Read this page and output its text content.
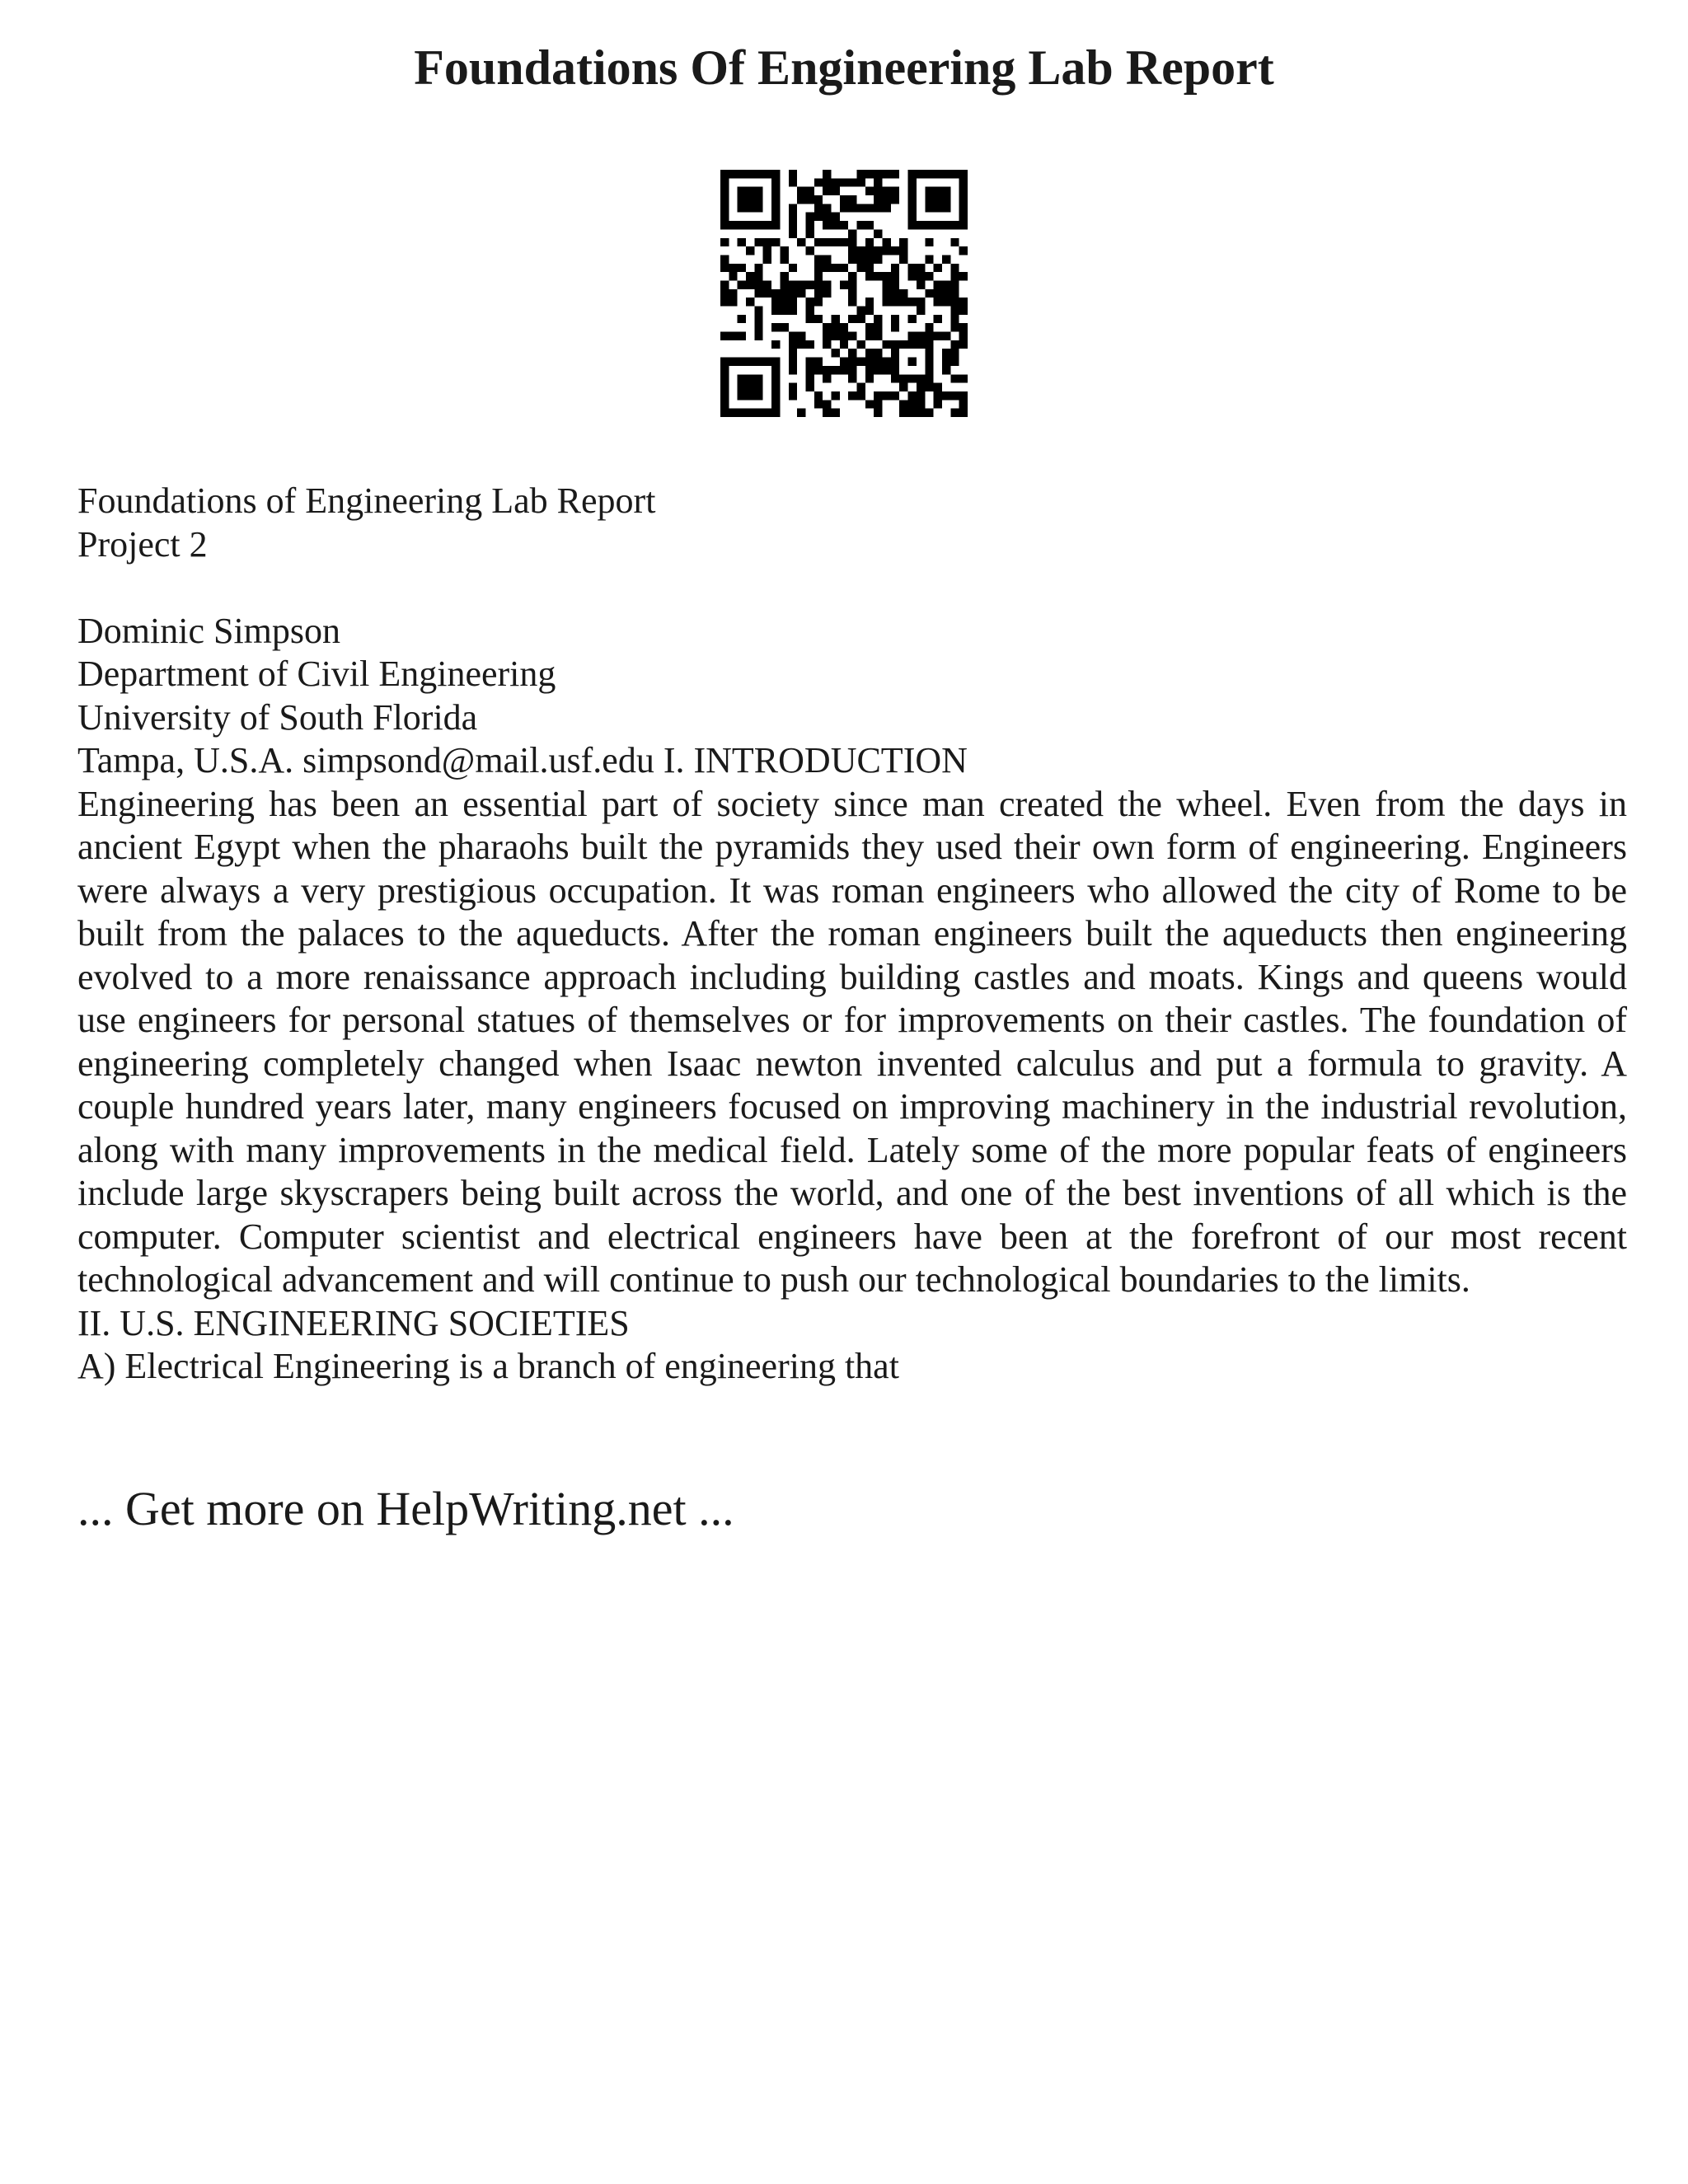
Foundations Of Engineering Lab Report
Foundations of Engineering Lab Report
Project 2
Dominic Simpson
Department of Civil Engineering
University of South Florida
Tampa, U.S.A. simpsond@mail.usf.edu I. INTRODUCTION
Engineering has been an essential part of society since man created the wheel. Even from the days in ancient Egypt when the pharaohs built the pyramids they used their own form of engineering. Engineers were always a very prestigious occupation. It was roman engineers who allowed the city of Rome to be built from the palaces to the aqueducts. After the roman engineers built the aqueducts then engineering evolved to a more renaissance approach including building castles and moats. Kings and queens would use engineers for personal statues of themselves or for improvements on their castles. The foundation of engineering completely changed when Isaac newton invented calculus and put a formula to gravity. A couple hundred years later, many engineers focused on improving machinery in the industrial revolution, along with many improvements in the medical field. Lately some of the more popular feats of engineers include large skyscrapers being built across the world, and one of the best inventions of all which is the computer. Computer scientist and electrical engineers have been at the forefront of our most recent technological advancement and will continue to push our technological boundaries to the limits.
II. U.S. ENGINEERING SOCIETIES
A) Electrical Engineering is a branch of engineering that
... Get more on HelpWriting.net ...
